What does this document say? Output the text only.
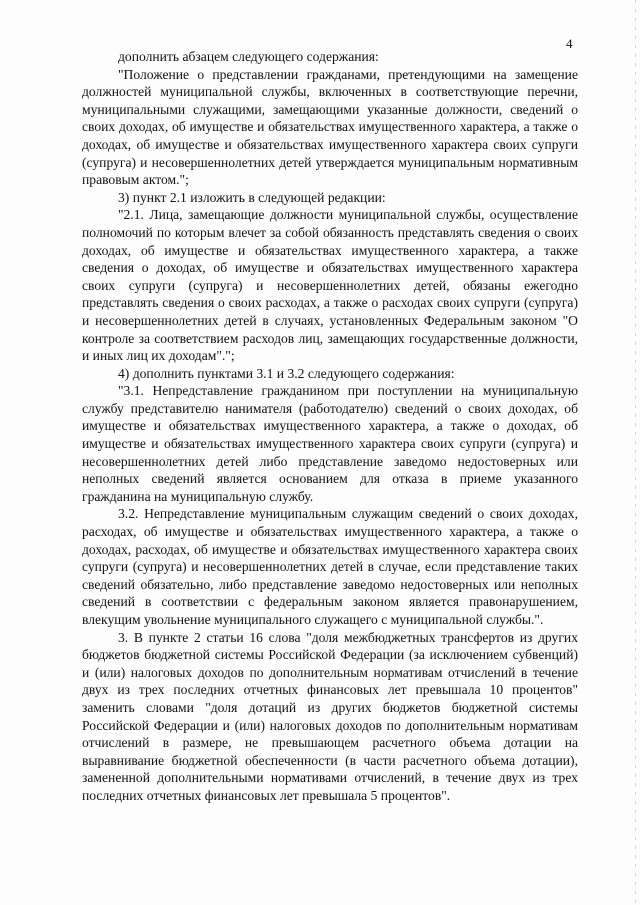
4

дополнить абзацем следующего содержания:

"Положение о представлении гражданами, претендующими на замещение должностей муниципальной службы, включенных в соответствующие перечни, муниципальными служащими, замещающими указанные должности, сведений о своих доходах, об имуществе и обязательствах имущественного характера, а также о доходах, об имуществе и обязательствах имущественного характера своих супруги (супруга) и несовершеннолетних детей утверждается муниципальным нормативным правовым актом.";

3) пункт 2.1 изложить в следующей редакции:

"2.1. Лица, замещающие должности муниципальной службы, осуществление полномочий по которым влечет за собой обязанность представлять сведения о своих доходах, об имуществе и обязательствах имущественного характера, а также сведения о доходах, об имуществе и обязательствах имущественного характера своих супруги (супруга) и несовершеннолетних детей, обязаны ежегодно представлять сведения о своих расходах, а также о расходах своих супруги (супруга) и несовершеннолетних детей в случаях, установленных Федеральным законом "О контроле за соответствием расходов лиц, замещающих государственные должности, и иных лиц их доходам".";

4) дополнить пунктами 3.1 и 3.2 следующего содержания:

"3.1. Непредставление гражданином при поступлении на муниципальную службу представителю нанимателя (работодателю) сведений о своих доходах, об имуществе и обязательствах имущественного характера, а также о доходах, об имуществе и обязательствах имущественного характера своих супруги (супруга) и несовершеннолетних детей либо представление заведомо недостоверных или неполных сведений является основанием для отказа в приеме указанного гражданина на муниципальную службу.

3.2. Непредставление муниципальным служащим сведений о своих доходах, расходах, об имуществе и обязательствах имущественного характера, а также о доходах, расходах, об имуществе и обязательствах имущественного характера своих супруги (супруга) и несовершеннолетних детей в случае, если представление таких сведений обязательно, либо представление заведомо недостоверных или неполных сведений в соответствии с федеральным законом является правонарушением, влекущим увольнение муниципального служащего с муниципальной службы.".

3. В пункте 2 статьи 16 слова "доля межбюджетных трансфертов из других бюджетов бюджетной системы Российской Федерации (за исключением субвенций) и (или) налоговых доходов по дополнительным нормативам отчислений в течение двух из трех последних отчетных финансовых лет превышала 10 процентов" заменить словами "доля дотаций из других бюджетов бюджетной системы Российской Федерации и (или) налоговых доходов по дополнительным нормативам отчислений в размере, не превышающем расчетного объема дотации на выравнивание бюджетной обеспеченности (в части расчетного объема дотации), замененной дополнительными нормативами отчислений, в течение двух из трех последних отчетных финансовых лет превышала 5 процентов".
